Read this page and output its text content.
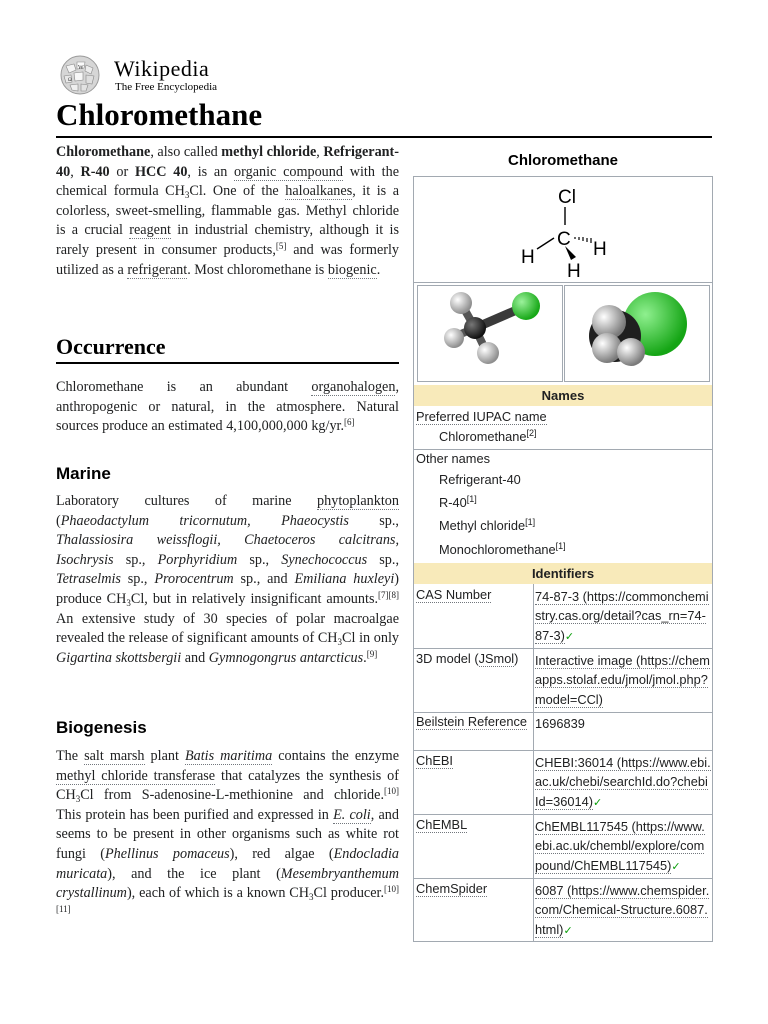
W
Ω Wikipedia
The Free Encyclopedia
Chloromethane

Chloromethane, also called methyl chloride, Refrigerant-40, R-40 or HCC 40, is an organic compound with the chemical formula $CH_3Cl$. One of the haloalkanes, it is a colorless, sweet-smelling, flammable gas. Methyl chloride is a crucial reagent in industrial chemistry, although it is rarely present in consumer products,[5] and was formerly utilized as a refrigerant. Most chloromethane is biogenic.

Occurrence

Chloromethane is an abundant organohalogen, anthropogenic or natural, in the atmosphere. Natural sources produce an estimated 4,100,000,000 kg/yr.[6]

Marine

Laboratory cultures of marine phytoplankton (Phaeodactylum tricornutum, Phaeocystis sp., Thalassiosira weissflogii, Chaetoceros calcitrans, Isochrysis sp., Porphyridium sp., Synechococcus sp., Tetraselmis sp., Prorocentrum sp., and Emiliana huxleyi) produce $CH_3Cl$, but in relatively insignificant amounts.[7][8] An extensive study of 30 species of polar macroalgae revealed the release of significant amounts of $CH_3Cl$ in only Gigartina skottsbergii and Gymnogongrus antarcticus.[9]

Biogenesis

The salt marsh plant Batis maritima contains the enzyme methyl chloride transferase that catalyzes the synthesis of $CH_3Cl$ from S-adenosine-L-methionine and chloride.[10] This protein has been purified and expressed in E. coli, and seems to be present in other organisms such as white rot fungi (Phellinus pomaceus), red algae (Endocladia muricata), and the ice plant (Mesembryanthemum crystallinum), each of which is a known $CH_3Cl$ producer.[10][11]

Chloromethane
Cl
C
H	H
H
Names
Preferred IUPAC name
Chloromethane[2]
Other names
Refrigerant-40
R-40[1]
Methyl chloride[1]
Monochloromethane[1]
Identifiers
CAS Number	74-87-3 (https://commonchemistry.cas.org/detail?cas_rn=74-87-3)✓
3D model (JSmol)	Interactive image (https://chemapps.stolaf.edu/jmol/jmol.php?model=CCl)
Beilstein Reference 1696839
ChEBI	CHEBI:36014 (https://www.ebi.ac.uk/chebi/searchId.do?chebiId=36014)✓
ChEMBL	ChEMBL117545 (https://www.ebi.ac.uk/chembl/explore/compound/ChEMBL117545)✓
ChemSpider	6087 (https://www.chemspider.com/Chemical-Structure.6087.html)✓
